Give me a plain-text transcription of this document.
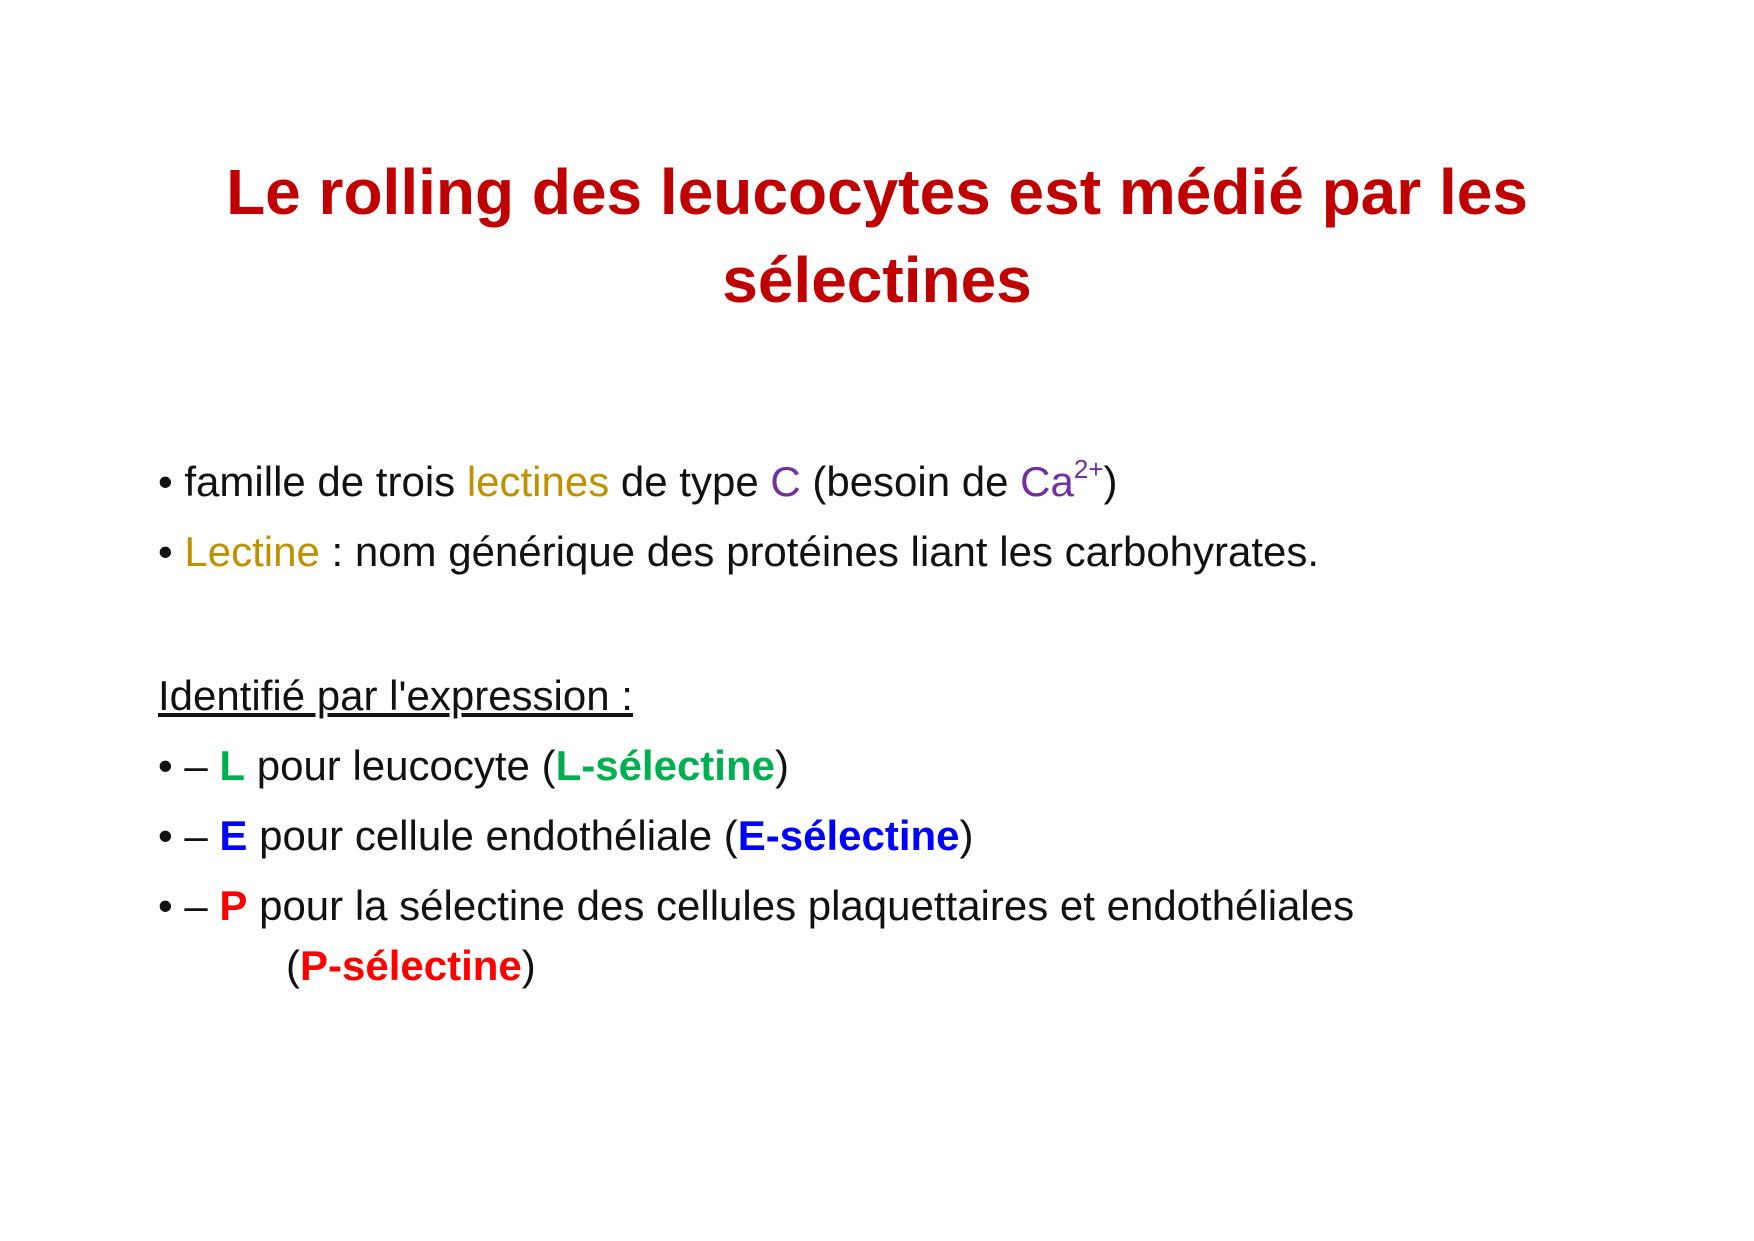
Le rolling des leucocytes est médié par les
sélectines
• famille de trois lectines de type C (besoin de $Ca^{2+}$)
• Lectine : nom générique des protéines liant les carbohyrates.
Identifié par l'expression :
• – L pour leucocyte (L-sélectine)
• – E pour cellule endothéliale (E-sélectine)
• – P pour la sélectine des cellules plaquettaires et endothéliales
(P-sélectine)
